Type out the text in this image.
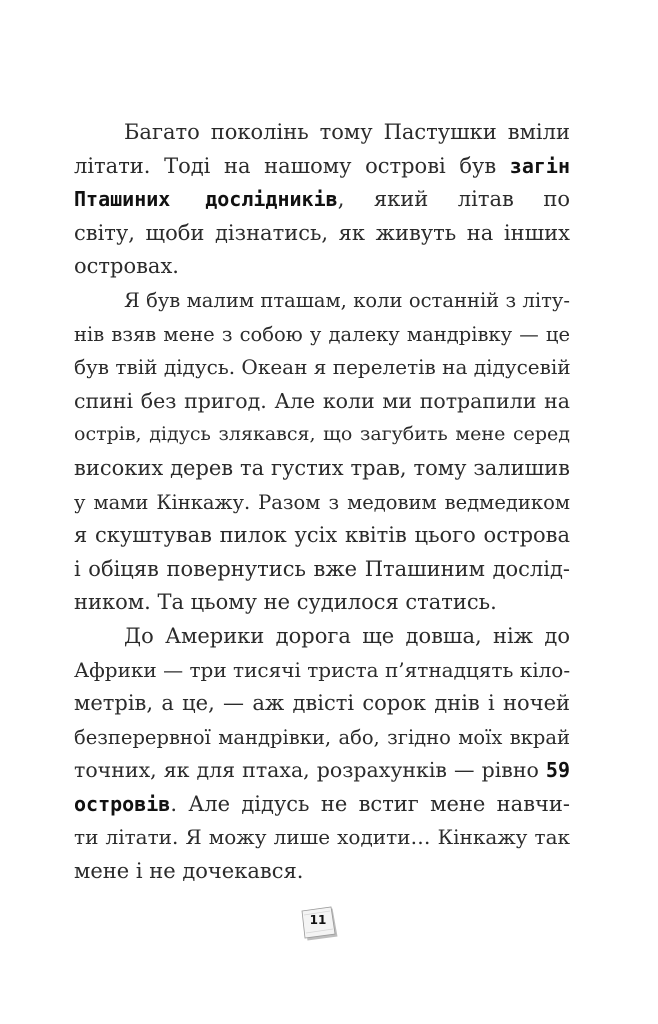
Багато поколінь тому Пастушки вміли
літати. Тоді на нашому острові був загін
Пташиних дослідників, який літав по
світу, щоби дізнатись, як живуть на інших
островах.
Я був малим пташам, коли останній з літу-
нів взяв мене з собою у далеку мандрівку — це
був твій дідусь. Океан я перелетів на дідусевій
спині без пригод. Але коли ми потрапили на
острів, дідусь злякався, що загубить мене серед
високих дерев та густих трав, тому залишив
у мами Кінкажу. Разом з медовим ведмедиком
я скуштував пилок усіх квітів цього острова
і обіцяв повернутись вже Пташиним дослід-
ником. Та цьому не судилося статись.
До Америки дорога ще довша, ніж до
Африки — три тисячі триста п’ятнадцять кіло-
метрів, а це, — аж двісті сорок днів і ночей
безперервної мандрівки, або, згідно моїх вкрай
точних, як для птаха, розрахунків — рівно 59
островів. Але дідусь не встиг мене навчи-
ти літати. Я можу лише ходити… Кінкажу так
мене і не дочекався.
11
